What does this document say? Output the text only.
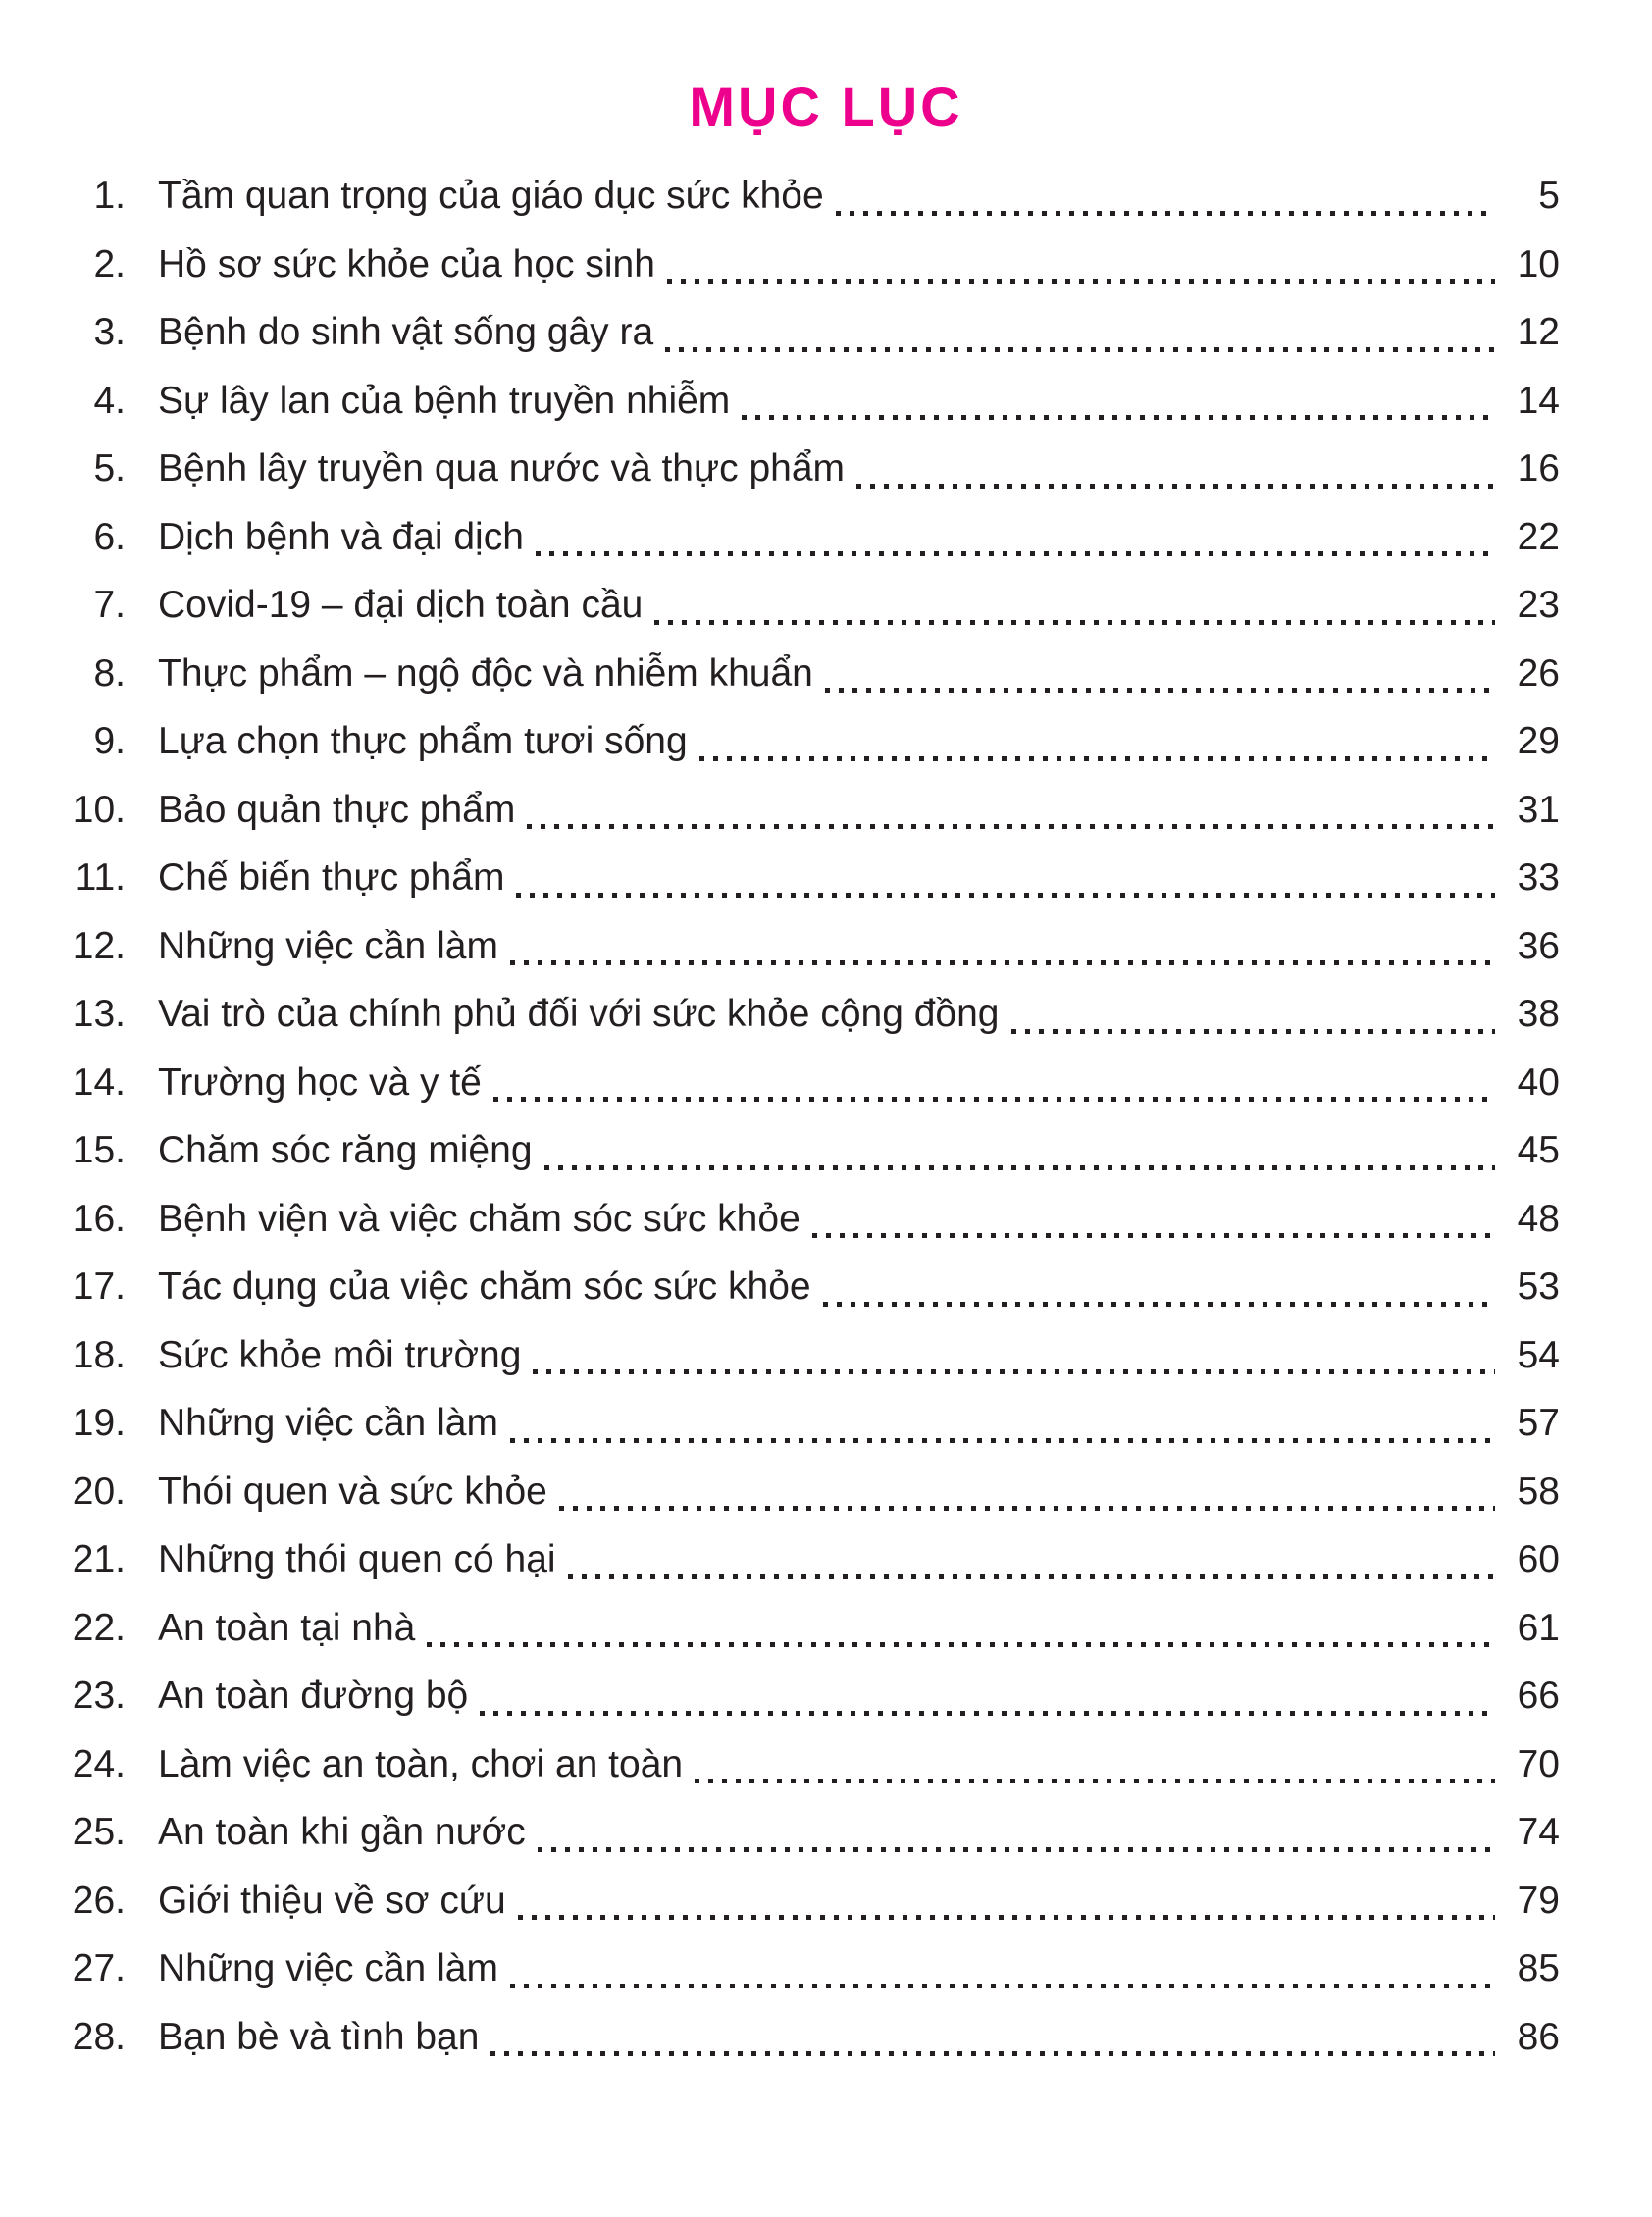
MỤC LỤC
1. Tầm quan trọng của giáo dục sức khỏe	5
2. Hồ sơ sức khỏe của học sinh	10
3. Bệnh do sinh vật sống gây ra	12
4. Sự lây lan của bệnh truyền nhiễm	14
5. Bệnh lây truyền qua nước và thực phẩm	16
6. Dịch bệnh và đại dịch	22
7. Covid-19 – đại dịch toàn cầu	23
8. Thực phẩm – ngộ độc và nhiễm khuẩn	26
9. Lựa chọn thực phẩm tươi sống	29
10. Bảo quản thực phẩm	31
11. Chế biến thực phẩm	33
12. Những việc cần làm	36
13. Vai trò của chính phủ đối với sức khỏe cộng đồng	38
14. Trường học và y tế	40
15. Chăm sóc răng miệng	45
16. Bệnh viện và việc chăm sóc sức khỏe	48
17. Tác dụng của việc chăm sóc sức khỏe	53
18. Sức khỏe môi trường	54
19. Những việc cần làm	57
20. Thói quen và sức khỏe	58
21. Những thói quen có hại	60
22. An toàn tại nhà	61
23. An toàn đường bộ	66
24. Làm việc an toàn, chơi an toàn	70
25. An toàn khi gần nước	74
26. Giới thiệu về sơ cứu	79
27. Những việc cần làm	85
28. Bạn bè và tình bạn	86
